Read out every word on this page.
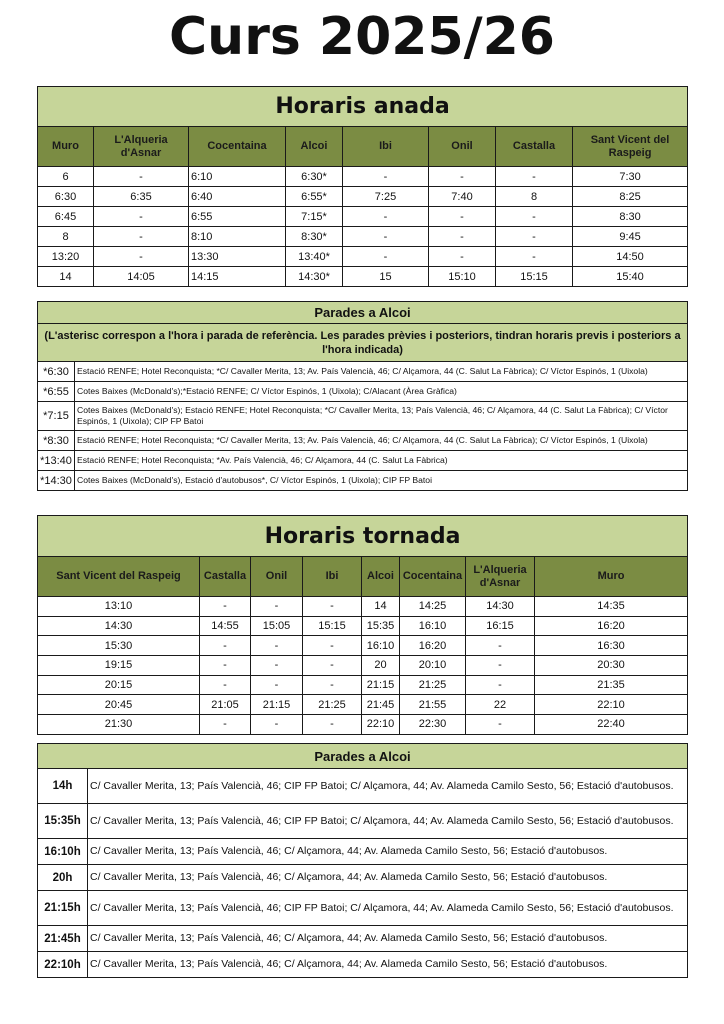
Curs 2025/26
Horaris anada							
Muro	L'Alqueria d'Asnar	Cocentaina	Alcoi	Ibi	Onil	Castalla	Sant Vicent del Raspeig
6	-	6:10	6:30*	-	-	-	7:30
6:30	6:35	6:40	6:55*	7:25	7:40	8	8:25
6:45	-	6:55	7:15*	-	-	-	8:30
8	-	8:10	8:30*	-	-	-	9:45
13:20	-	13:30	13:40*	-	-	-	14:50
14	14:05	14:15	14:30*	15	15:10	15:15	15:40
Parades a Alcoi	
(L'asterisc correspon a l'hora i parada de referència. Les parades prèvies i posteriors, tindran horaris previs i posteriors a l'hora indicada)	
*6:30	Estació RENFE; Hotel Reconquista; *C/ Cavaller Merita, 13; Av. País Valencià, 46; C/ Alçamora, 44 (C. Salut La Fàbrica); C/ Víctor Espinós, 1 (Uixola)
*6:55	Cotes Baixes (McDonald's);*Estació RENFE; C/ Víctor Espinós, 1 (Uixola); C/Alacant (Àrea Gràfica)
*7:15	Cotes Baixes (McDonald's); Estació RENFE; Hotel Reconquista; *C/ Cavaller Merita, 13; País Valencià, 46; C/ Alçamora, 44 (C. Salut La Fàbrica); C/ Víctor Espinós, 1 (Uixola); CIP FP Batoi
*8:30	Estació RENFE; Hotel Reconquista; *C/ Cavaller Merita, 13; Av. País Valencià, 46; C/ Alçamora, 44 (C. Salut La Fàbrica); C/ Víctor Espinós, 1 (Uixola)
*13:40	Estació RENFE; Hotel Reconquista; *Av. País Valencià, 46; C/ Alçamora, 44 (C. Salut La Fàbrica)
*14:30	Cotes Baixes (McDonald's), Estació d'autobusos*, C/ Víctor Espinós, 1 (Uixola); CIP FP Batoi
Horaris tornada							
Sant Vicent del Raspeig	Castalla	Onil	Ibi	Alcoi	Cocentaina	L'Alqueria d'Asnar	Muro
13:10	-	-	-	14	14:25	14:30	14:35
14:30	14:55	15:05	15:15	15:35	16:10	16:15	16:20
15:30	-	-	-	16:10	16:20	-	16:30
19:15	-	-	-	20	20:10	-	20:30
20:15	-	-	-	21:15	21:25	-	21:35
20:45	21:05	21:15	21:25	21:45	21:55	22	22:10
21:30	-	-	-	22:10	22:30	-	22:40
Parades a Alcoi	
14h	C/ Cavaller Merita, 13; País Valencià, 46; CIP FP Batoi; C/ Alçamora, 44; Av. Alameda Camilo Sesto, 56; Estació d'autobusos.
15:35h	C/ Cavaller Merita, 13; País Valencià, 46; CIP FP Batoi; C/ Alçamora, 44; Av. Alameda Camilo Sesto, 56; Estació d'autobusos.
16:10h	C/ Cavaller Merita, 13; País Valencià, 46; C/ Alçamora, 44; Av. Alameda Camilo Sesto, 56; Estació d'autobusos.
20h	C/ Cavaller Merita, 13; País Valencià, 46; C/ Alçamora, 44; Av. Alameda Camilo Sesto, 56; Estació d'autobusos.
21:15h	C/ Cavaller Merita, 13; País Valencià, 46; CIP FP Batoi; C/ Alçamora, 44; Av. Alameda Camilo Sesto, 56; Estació d'autobusos.
21:45h	C/ Cavaller Merita, 13; País Valencià, 46; C/ Alçamora, 44; Av. Alameda Camilo Sesto, 56; Estació d'autobusos.
22:10h	C/ Cavaller Merita, 13; País Valencià, 46; C/ Alçamora, 44; Av. Alameda Camilo Sesto, 56; Estació d'autobusos.
